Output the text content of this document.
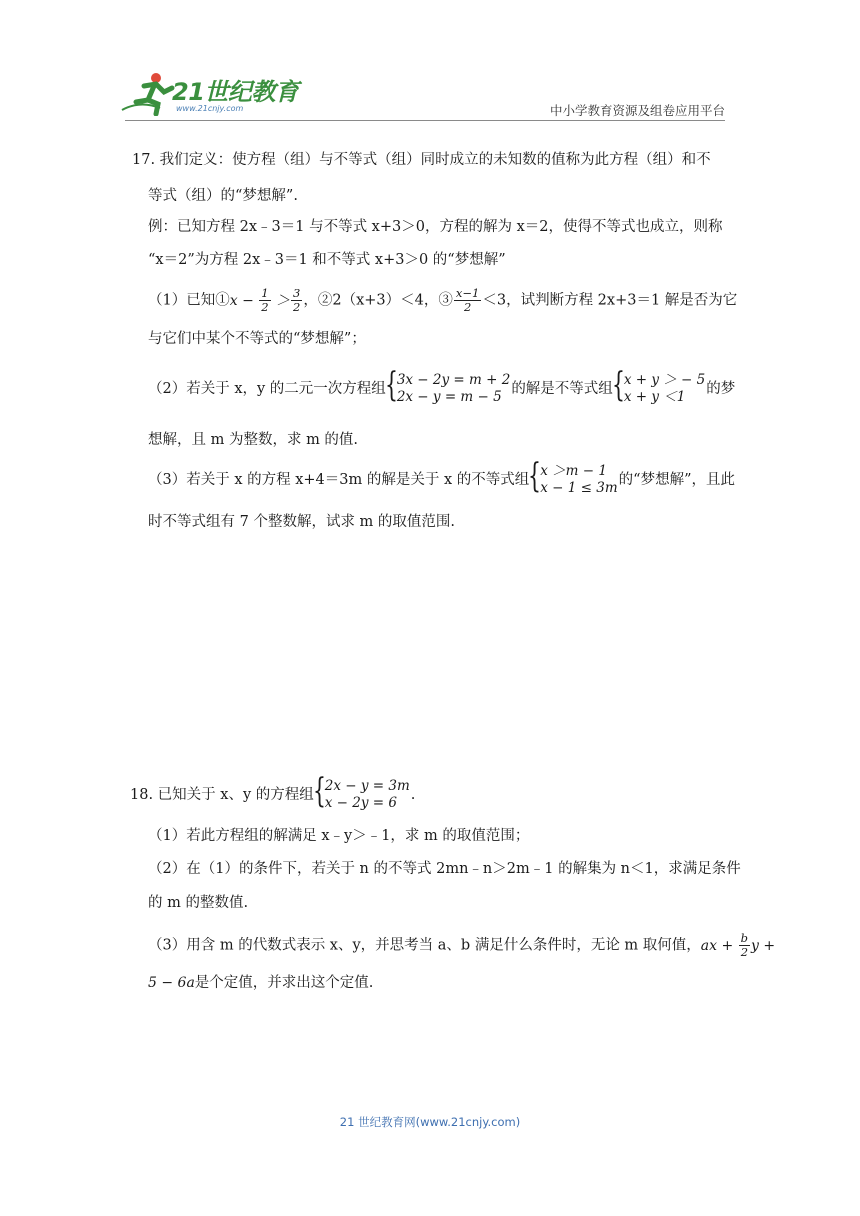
21世纪教育
www.21cnjy.com	中小学教育资源及组卷应用平台
17. 我们定义：使方程（组）与不等式（组）同时成立的未知数的值称为此方程（组）和不
等式（组）的“梦想解”.
例：已知方程 2x﹣3＝1 与不等式 x+3＞0，方程的解为 x＝2，使得不等式也成立，则称
“x＝2”为方程 2x﹣3＝1 和不等式 x+3＞0 的“梦想解”
（1）已知①x − $\frac{1}{2} > \frac{3}{2}$ ，②2（x+3）＜4，③ $\frac{x-1}{2} <3$，试判断方程 2x+3＝1 解是否为它
与它们中某个不等式的“梦想解”；
（2）若关于 x，y 的二元一次方程组 { 3x − 2y = m + 2
2x − y = m − 5 的解是不等式组 { x + y ＞ − 5
x + y ＜1	的梦
想解，且 m 为整数，求 m 的值.
（3）若关于 x 的方程 x+4＝3m 的解是关于 x 的不等式组 { x ＞m − 1
x − 1 ≤ 3m 的“梦想解”，且此
时不等式组有 7 个整数解，试求 m 的取值范围.
18. 已知关于 x、y 的方程组 { 2x − y = 3m
x − 2y = 6 .
（1）若此方程组的解满足 x﹣y＞﹣1，求 m 的取值范围；
（2）在（1）的条件下，若关于 n 的不等式 2mn﹣n＞2m﹣1 的解集为 n＜1，求满足条件
的 m 的整数值.
（3）用含 m 的代数式表示 x、y，并思考当 a、b 满足什么条件时，无论 m 取何值，ax + $\frac{b}{2}$ y +
5 − 6a是个定值，并求出这个定值.
21 世纪教育网(www.21cnjy.com)
